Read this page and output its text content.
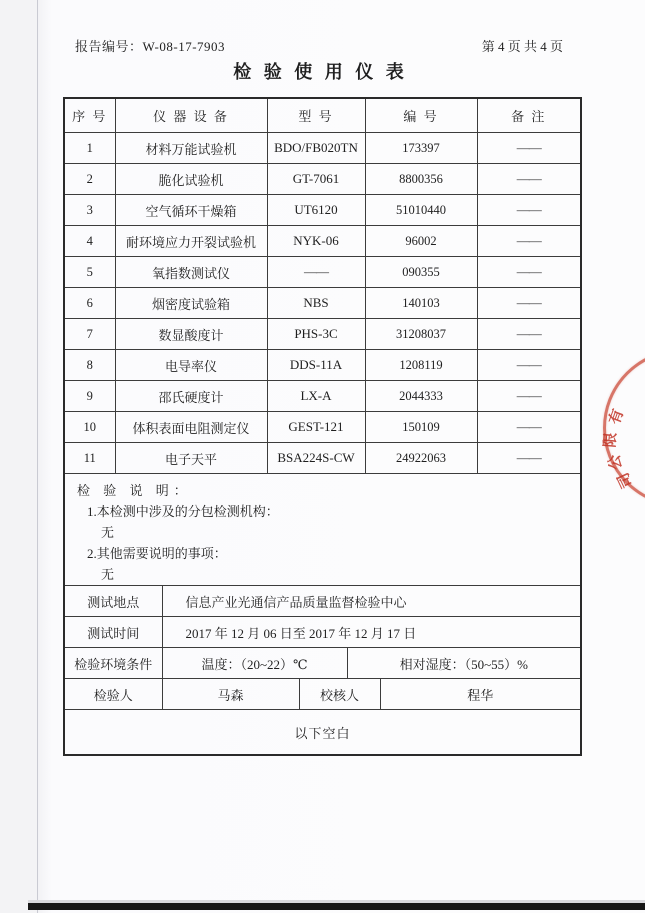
报告编号：W-08-17-7903	第 4 页 共 4 页
检 验 使 用 仪 表
序 号	仪 器 设 备	型 号	编 号	备 注
1	材料万能试验机	BDO/FB020TN	173397	——
2	脆化试验机	GT-7061	8800356	——
3	空气循环干燥箱	UT6120	51010440	——
4	耐环境应力开裂试验机	NYK-06	96002	——
5	氧指数测试仪	——	090355	——
6	烟密度试验箱	NBS	140103	——
7	数显酸度计	PHS-3C	31208037	——
8	电导率仪	DDS-11A	1208119	——
9	邵氏硬度计	LX-A	2044333	——
10	体积表面电阻测定仪	GEST-121	150109	——
11	电子天平	BSA224S-CW	24922063	——
检 验 说 明：
1.本检测中涉及的分包检测机构：
无
2.其他需要说明的事项：
无
测试地点	信息产业光通信产品质量监督检验中心
测试时间	2017 年 12 月 06 日至 2017 年 12 月 17 日
检验环境条件	温度：（20~22）℃	相对湿度：（50~55）%
检验人	马森	校核人	程华
以下空白
有
限
公
司
